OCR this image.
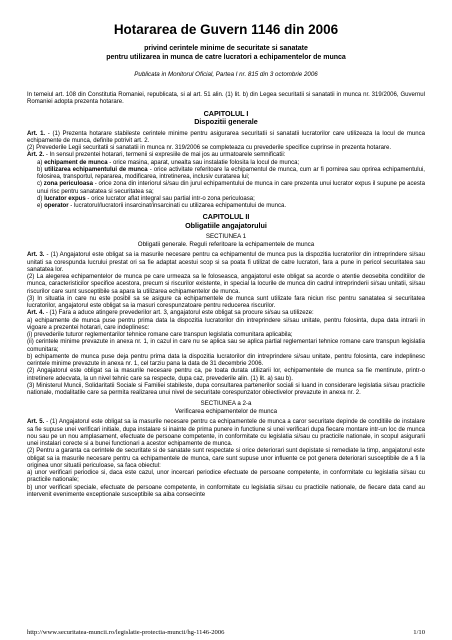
Hotararea de Guvern 1146 din 2006
privind cerintele minime de securitate si sanatate
pentru utilizarea in munca de catre lucratori a echipamentelor de munca
Publicata in Monitorul Oficial, Partea I nr. 815 din 3 octombrie 2006

In temeiul art. 108 din Constitutia Romaniei, republicata, si al art. 51 alin. (1) lit. b) din Legea securitatii si sanatatii in munca nr. 319/2006, Guvernul Romaniei adopta prezenta hotarare.

CAPITOLUL I
Dispozitii generale

Art. 1. - (1) Prezenta hotarare stabileste cerintele minime pentru asigurarea securitatii si sanatatii lucratorilor care utilizeaza la locul de munca echipamente de munca, definite potrivit art. 2.

(2) Prevederile Legii securitatii si sanatatii in munca nr. 319/2006 se completeaza cu prevederile specifice cuprinse in prezenta hotarare.

Art. 2. - In sensul prezentei hotarari, termenii si expresiile de mai jos au urmatoarele semnificatii:

a) echipament de munca - orice masina, aparat, unealta sau instalatie folosita la locul de munca;

b) utilizarea echipamentului de munca - orice activitate referitoare la echipamentul de munca, cum ar fi pornirea sau oprirea echipamentului, folosirea, transportul, repararea, modificarea, intretinerea, inclusiv curatarea lui;

c) zona periculoasa - orice zona din interiorul si/sau din jurul echipamentului de munca in care prezenta unui lucrator expus il supune pe acesta unui risc pentru sanatatea si securitatea sa;

d) lucrator expus - orice lucrator aflat integral sau partial intr-o zona periculoasa;

e) operator - lucratorul/lucratorii insarcinat/insarcinati cu utilizarea echipamentului de munca.

CAPITOLUL II
Obligatiile angajatorului
SECTIUNEA 1
Obligatii generale. Reguli referitoare la echipamentele de munca

Art. 3. - (1) Angajatorul este obligat sa ia masurile necesare pentru ca echipamentul de munca pus la dispozitia lucratorilor din intreprindere si/sau unitati sa corespunda lucrului prestat ori sa fie adaptat acestui scop si sa poata fi utilizat de catre lucratori, fara a pune in pericol securitatea sau sanatatea lor.

(2) La alegerea echipamentelor de munca pe care urmeaza sa le foloseasca, angajatorul este obligat sa acorde o atentie deosebita conditiilor de munca, caracteristicilor specifice acestora, precum si riscurilor existente, in special la locurile de munca din cadrul intreprinderii si/sau unitatii, si/sau riscurilor care sunt susceptibile sa apara la utilizarea echipamentelor de munca.

(3) In situatia in care nu este posibil sa se asigure ca echipamentele de munca sunt utilizate fara niciun risc pentru sanatatea si securitatea lucratorilor, angajatorul este obligat sa ia masuri corespunzatoare pentru reducerea riscurilor.

Art. 4. - (1) Fara a aduce atingere prevederilor art. 3, angajatorul este obligat sa procure si/sau sa utilizeze:

a) echipamente de munca puse pentru prima data la dispozitia lucratorilor din intreprindere si/sau unitate, pentru folosinta, dupa data intrarii in vigoare a prezentei hotarari, care indeplinesc:

(i) prevederile tuturor reglementarilor tehnice romane care transpun legislatia comunitara aplicabila;

(ii) cerintele minime prevazute in anexa nr. 1, in cazul in care nu se aplica sau se aplica partial reglementari tehnice romane care transpun legislatia comunitara;

b) echipamente de munca puse deja pentru prima data la dispozitia lucratorilor din intreprindere si/sau unitate, pentru folosinta, care indeplinesc cerintele minime prevazute in anexa nr. 1, cel tarziu pana la data de 31 decembrie 2006.

(2) Angajatorul este obligat sa ia masurile necesare pentru ca, pe toata durata utilizarii lor, echipamentele de munca sa fie mentinute, printr-o intretinere adecvata, la un nivel tehnic care sa respecte, dupa caz, prevederile alin. (1) lit. a) sau b).

(3) Ministerul Muncii, Solidaritatii Sociale si Familiei stabileste, dupa consultarea partenerilor sociali si luand in considerare legislatia si/sau practicile nationale, modalitatile care sa permita realizarea unui nivel de securitate corespunzator obiectivelor prevazute in anexa nr. 2.

SECTIUNEA a 2-a
Verificarea echipamentelor de munca

Art. 5. - (1) Angajatorul este obligat sa ia masurile necesare pentru ca echipamentele de munca a caror securitate depinde de conditiile de instalare sa fie supuse unei verificari initiale, dupa instalare si inainte de prima punere in functiune si unei verificari dupa fiecare montare intr-un loc de munca nou sau pe un nou amplasament, efectuate de persoane competente, in conformitate cu legislatia si/sau cu practicile nationale, in scopul asigurarii unei instalari corecte si a bunei functionari a acestor echipamente de munca.

(2) Pentru a garanta ca cerintele de securitate si de sanatate sunt respectate si orice deteriorari sunt depistate si remediate la timp, angajatorul este obligat sa ia masurile necesare pentru ca echipamentele de munca, care sunt supuse unor influente ce pot genera deteriorari susceptibile de a fi la originea unor situatii periculoase, sa faca obiectul:

a) unor verificari periodice si, daca este cazul, unor incercari periodice efectuate de persoane competente, in conformitate cu legislatia si/sau cu practicile nationale;

b) unor verificari speciale, efectuate de persoane competente, in conformitate cu legislatia si/sau cu practicile nationale, de fiecare data cand au intervenit evenimente exceptionale susceptibile sa aiba consecinte

http://www.securitatea-muncii.ro/legislatie-protectia-muncii/hg-1146-2006	1/10
